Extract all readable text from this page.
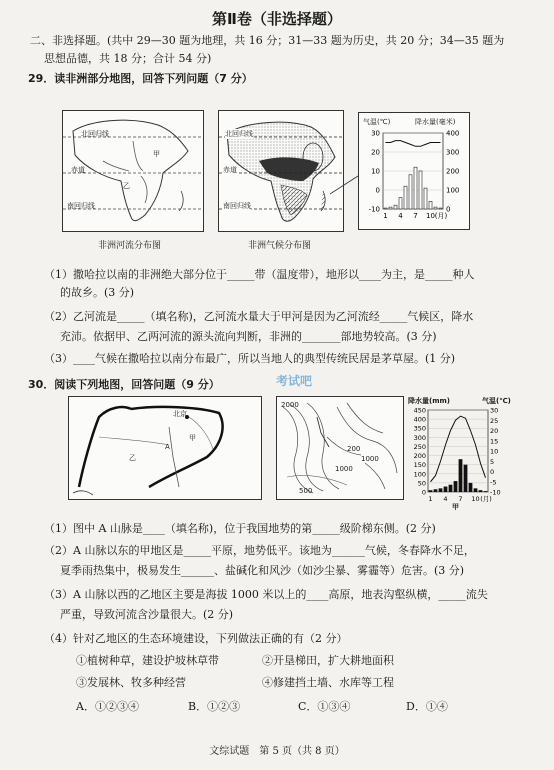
第Ⅱ卷（非选择题）
二、非选择题。(共中 29—30 题为地理，共 16 分；31—33 题为历史，共 20 分；34—35 题为
思想品德，共 18 分；合计 54 分)
29．读非洲部分地图，回答下列问题（7 分）
北回归线
甲
赤道
乙
南回归线
非洲河流分布图
北回归线
赤道
南回归线
非洲气候分布图
气温(℃)	降水量(毫米)
30
20
10
0
-10
400
300
200
100
0
1 4 7 10 (月)
（1）撒哈拉以南的非洲绝大部分位于_____带（温度带），地形以____为主，是_____种人
的故乡。(3 分)
（2）乙河流是_____（填名称)，乙河流水量大于甲河是因为乙河流经_____气候区，降水
充沛。依据甲、乙两河流的源头流向判断，非洲的_______部地势较高。(3 分)
（3）____气候在撒哈拉以南分布最广，所以当地人的典型传统民居是茅草屋。(1 分)
30．阅读下列地图，回答问题（9 分）	考试吧
北京
甲
乙
A
2000
200
1000
1000
500
降水量(mm)	气温(℃)
450
400
350
300
250
200
150
100
50
0
30
25
20
15
10
5
0
-5
-10
1 4 7 10 (月)
甲
（1）图中 A 山脉是____（填名称)，位于我国地势的第_____级阶梯东侧。(2 分)
（2）A 山脉以东的甲地区是_____平原，地势低平。该地为______气候，冬春降水不足，
夏季雨热集中，极易发生______、盐碱化和风沙（如沙尘暴、雾霾等）危害。(3 分)
（3）A 山脉以西的乙地区主要是海拔 1000 米以上的____高原，地表沟壑纵横，_____流失
严重，导致河流含沙量很大。(2 分)
（4）针对乙地区的生态环境建设，下列做法正确的有（2 分）
①植树种草，建设护坡林草带	②开垦梯田，扩大耕地面积
③发展林、牧多种经营	④修建挡土墙、水库等工程
A．①②③④	B．①②③	C．①③④	D．①④
文综试题　第 5 页（共 8 页）
